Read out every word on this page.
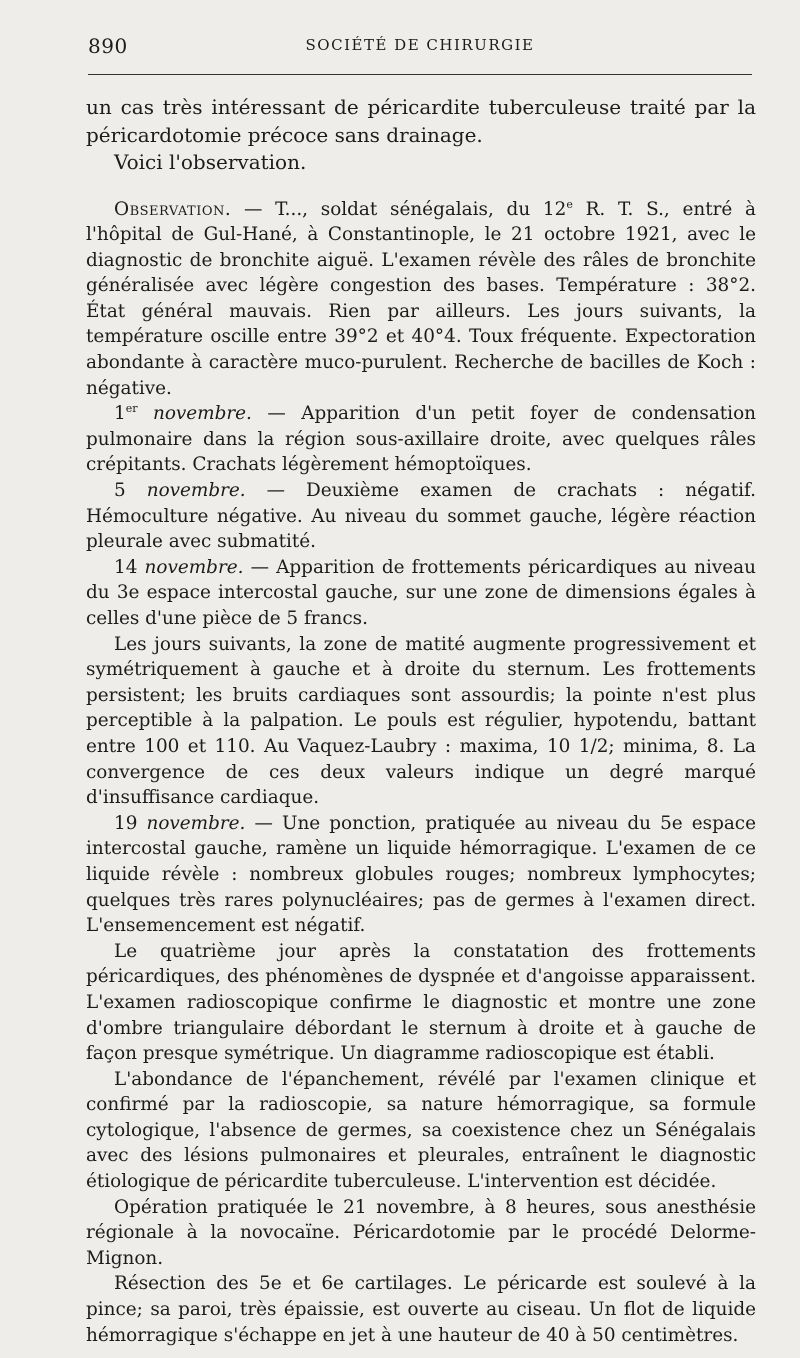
890	SOCIÉTÉ DE CHIRURGIE

un cas très intéressant de péricardite tuberculeuse traité par la péricardotomie précoce sans drainage.

Voici l'observation.

Observation. — T..., soldat sénégalais, du 12e R. T. S., entré à l'hôpital de Gul-Hané, à Constantinople, le 21 octobre 1921, avec le diagnostic de bronchite aiguë. L'examen révèle des râles de bronchite généralisée avec légère congestion des bases. Température : 38°2. État général mauvais. Rien par ailleurs. Les jours suivants, la température oscille entre 39°2 et 40°4. Toux fréquente. Expectoration abondante à caractère muco-purulent. Recherche de bacilles de Koch : négative.

1er novembre. — Apparition d'un petit foyer de condensation pulmonaire dans la région sous-axillaire droite, avec quelques râles crépitants. Crachats légèrement hémoptoïques.

5 novembre. — Deuxième examen de crachats : négatif. Hémoculture négative. Au niveau du sommet gauche, légère réaction pleurale avec submatité.

14 novembre. — Apparition de frottements péricardiques au niveau du 3e espace intercostal gauche, sur une zone de dimensions égales à celles d'une pièce de 5 francs.

Les jours suivants, la zone de matité augmente progressivement et symétriquement à gauche et à droite du sternum. Les frottements persistent; les bruits cardiaques sont assourdis; la pointe n'est plus perceptible à la palpation. Le pouls est régulier, hypotendu, battant entre 100 et 110. Au Vaquez-Laubry : maxima, 10 1/2; minima, 8. La convergence de ces deux valeurs indique un degré marqué d'insuffisance cardiaque.

19 novembre. — Une ponction, pratiquée au niveau du 5e espace intercostal gauche, ramène un liquide hémorragique. L'examen de ce liquide révèle : nombreux globules rouges; nombreux lymphocytes; quelques très rares polynucléaires; pas de germes à l'examen direct. L'ensemencement est négatif.

Le quatrième jour après la constatation des frottements péricardiques, des phénomènes de dyspnée et d'angoisse apparaissent. L'examen radioscopique confirme le diagnostic et montre une zone d'ombre triangulaire débordant le sternum à droite et à gauche de façon presque symétrique. Un diagramme radioscopique est établi.

L'abondance de l'épanchement, révélé par l'examen clinique et confirmé par la radioscopie, sa nature hémorragique, sa formule cytologique, l'absence de germes, sa coexistence chez un Sénégalais avec des lésions pulmonaires et pleurales, entraînent le diagnostic étiologique de péricardite tuberculeuse. L'intervention est décidée.

Opération pratiquée le 21 novembre, à 8 heures, sous anesthésie régionale à la novocaïne. Péricardotomie par le procédé Delorme-Mignon.

Résection des 5e et 6e cartilages. Le péricarde est soulevé à la pince; sa paroi, très épaissie, est ouverte au ciseau. Un flot de liquide hémorragique s'échappe en jet à une hauteur de 40 à 50 centimètres.
